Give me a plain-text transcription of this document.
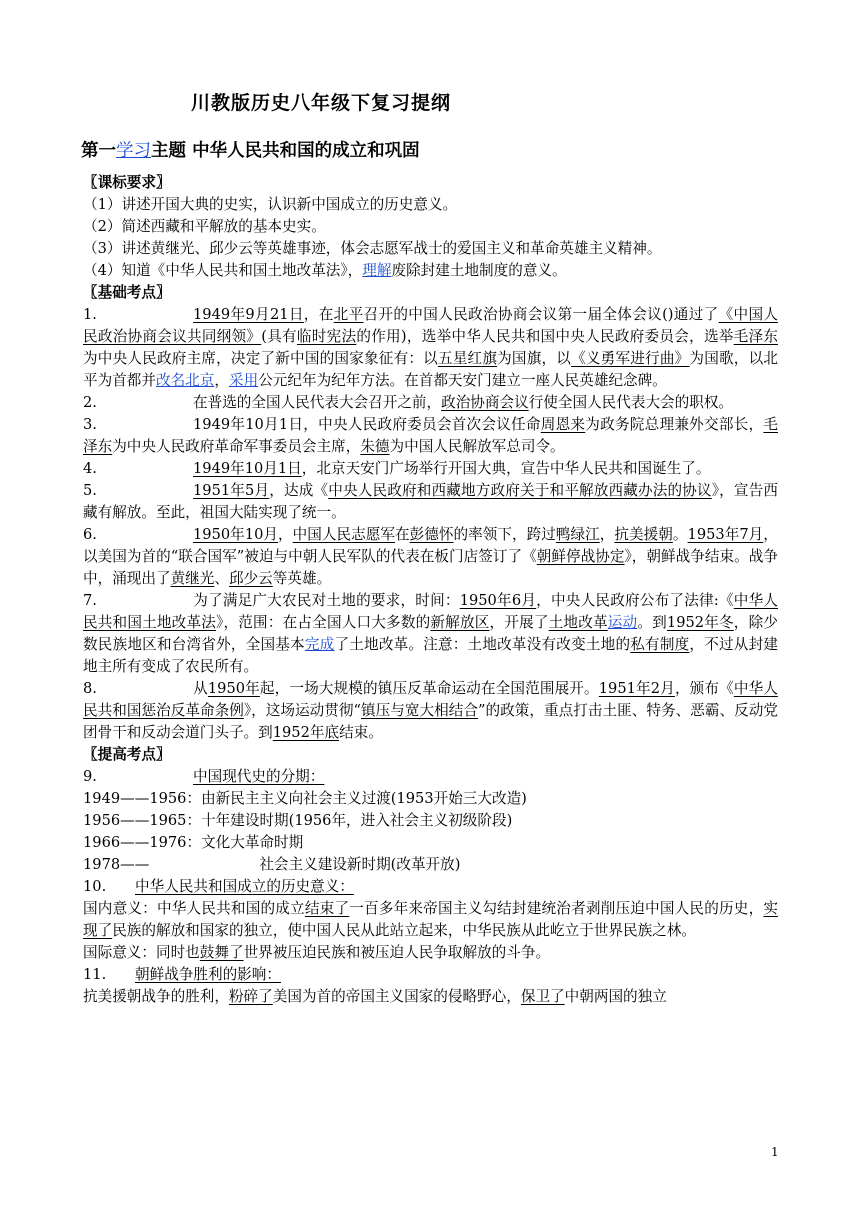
川教版历史八年级下复习提纲
第一学习主题 中华人民共和国的成立和巩固
〖课标要求〗
（1）讲述开国大典的史实，认识新中国成立的历史意义。
（2）简述西藏和平解放的基本史实。
（3）讲述黄继光、邱少云等英雄事迹，体会志愿军战士的爱国主义和革命英雄主义精神。
（4）知道《中华人民共和国土地改革法》，理解废除封建土地制度的意义。
〖基础考点〗

1.	1949年9月21日，在北平召开的中国人民政治协商会议第一届全体会议()通过了《中国人民政治协商会议共同纲领》(具有临时宪法的作用)，选举中华人民共和国中央人民政府委员会，选举毛泽东为中央人民政府主席，决定了新中国的国家象征有：以五星红旗为国旗，以《义勇军进行曲》为国歌，以北平为首都并改名北京，采用公元纪年为纪年方法。在首都天安门建立一座人民英雄纪念碑。

2.	在普选的全国人民代表大会召开之前，政治协商会议行使全国人民代表大会的职权。

3.	1949年10月1日，中央人民政府委员会首次会议任命周恩来为政务院总理兼外交部长，毛泽东为中央人民政府革命军事委员会主席，朱德为中国人民解放军总司令。

4.	1949年10月1日，北京天安门广场举行开国大典，宣告中华人民共和国诞生了。

5.	1951年5月，达成《中央人民政府和西藏地方政府关于和平解放西藏办法的协议》，宣告西藏有解放。至此，祖国大陆实现了统一。

6.	1950年10月，中国人民志愿军在彭德怀的率领下，跨过鸭绿江，抗美援朝。1953年7月，以美国为首的“联合国军”被迫与中朝人民军队的代表在板门店签订了《朝鲜停战协定》，朝鲜战争结束。战争中，涌现出了黄继光、邱少云等英雄。

7.	为了满足广大农民对土地的要求，时间：1950年6月，中央人民政府公布了法律:《中华人民共和国土地改革法》，范围：在占全国人口大多数的新解放区，开展了土地改革运动。到1952年冬，除少数民族地区和台湾省外，全国基本完成了土地改革。注意：土地改革没有改变土地的私有制度，不过从封建地主所有变成了农民所有。

8.	从1950年起，一场大规模的镇压反革命运动在全国范围展开。1951年2月，颁布《中华人民共和国惩治反革命条例》，这场运动贯彻“镇压与宽大相结合”的政策，重点打击土匪、特务、恶霸、反动党团骨干和反动会道门头子。到1952年底结束。

〖提高考点〗

9.	中国现代史的分期：

1949——1956：由新民主主义向社会主义过渡(1953开始三大改造)

1956——1965：十年建设时期(1956年，进入社会主义初级阶段)

1966——1976：文化大革命时期

1978——	社会主义建设新时期(改革开放)

10. 中华人民共和国成立的历史意义：

国内意义：中华人民共和国的成立结束了一百多年来帝国主义勾结封建统治者剥削压迫中国人民的历史，实现了民族的解放和国家的独立，使中国人民从此站立起来，中华民族从此屹立于世界民族之林。

国际意义：同时也鼓舞了世界被压迫民族和被压迫人民争取解放的斗争。

11. 朝鲜战争胜利的影响：

抗美援朝战争的胜利，粉碎了美国为首的帝国主义国家的侵略野心，保卫了中朝两国的独立

1
